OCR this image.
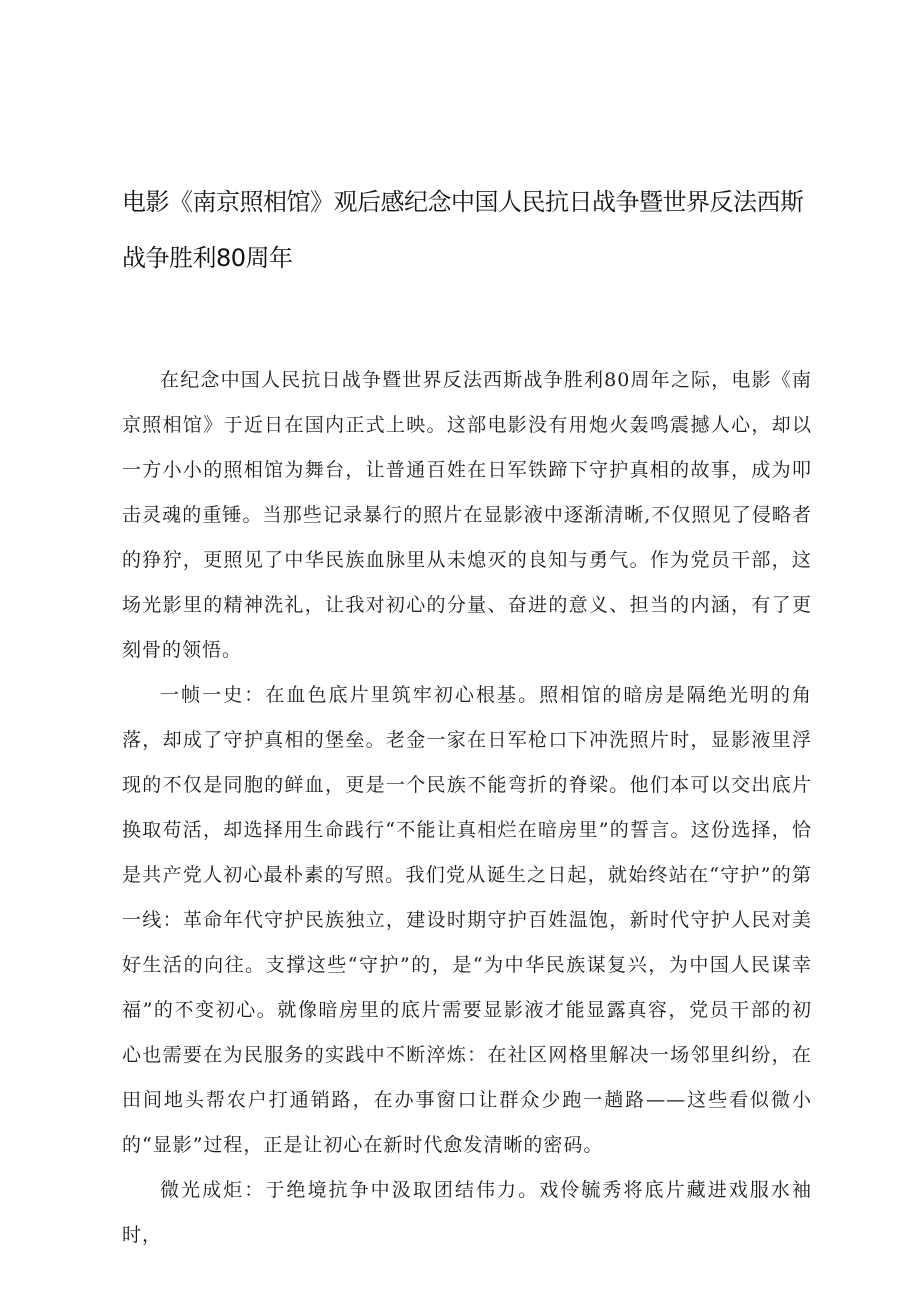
电影《南京照相馆》观后感纪念中国人民抗日战争暨世界反法西斯战争胜利80周年

在纪念中国人民抗日战争暨世界反法西斯战争胜利80周年之际，电影《南京照相馆》于近日在国内正式上映。这部电影没有用炮火轰鸣震撼人心，却以一方小小的照相馆为舞台，让普通百姓在日军铁蹄下守护真相的故事，成为叩击灵魂的重锤。当那些记录暴行的照片在显影液中逐渐清晰,不仅照见了侵略者的狰狞，更照见了中华民族血脉里从未熄灭的良知与勇气。作为党员干部，这场光影里的精神洗礼，让我对初心的分量、奋进的意义、担当的内涵，有了更刻骨的领悟。

一帧一史：在血色底片里筑牢初心根基。照相馆的暗房是隔绝光明的角落，却成了守护真相的堡垒。老金一家在日军枪口下冲洗照片时，显影液里浮现的不仅是同胞的鲜血，更是一个民族不能弯折的脊梁。他们本可以交出底片换取苟活，却选择用生命践行“不能让真相烂在暗房里”的誓言。这份选择，恰是共产党人初心最朴素的写照。我们党从诞生之日起，就始终站在“守护”的第一线：革命年代守护民族独立，建设时期守护百姓温饱，新时代守护人民对美好生活的向往。支撑这些“守护”的，是“为中华民族谋复兴，为中国人民谋幸福”的不变初心。就像暗房里的底片需要显影液才能显露真容，党员干部的初心也需要在为民服务的实践中不断淬炼：在社区网格里解决一场邻里纠纷，在田间地头帮农户打通销路，在办事窗口让群众少跑一趟路——这些看似微小的“显影”过程，正是让初心在新时代愈发清晰的密码。

微光成炬：于绝境抗争中汲取团结伟力。戏伶毓秀将底片藏进戏服水袖时，
